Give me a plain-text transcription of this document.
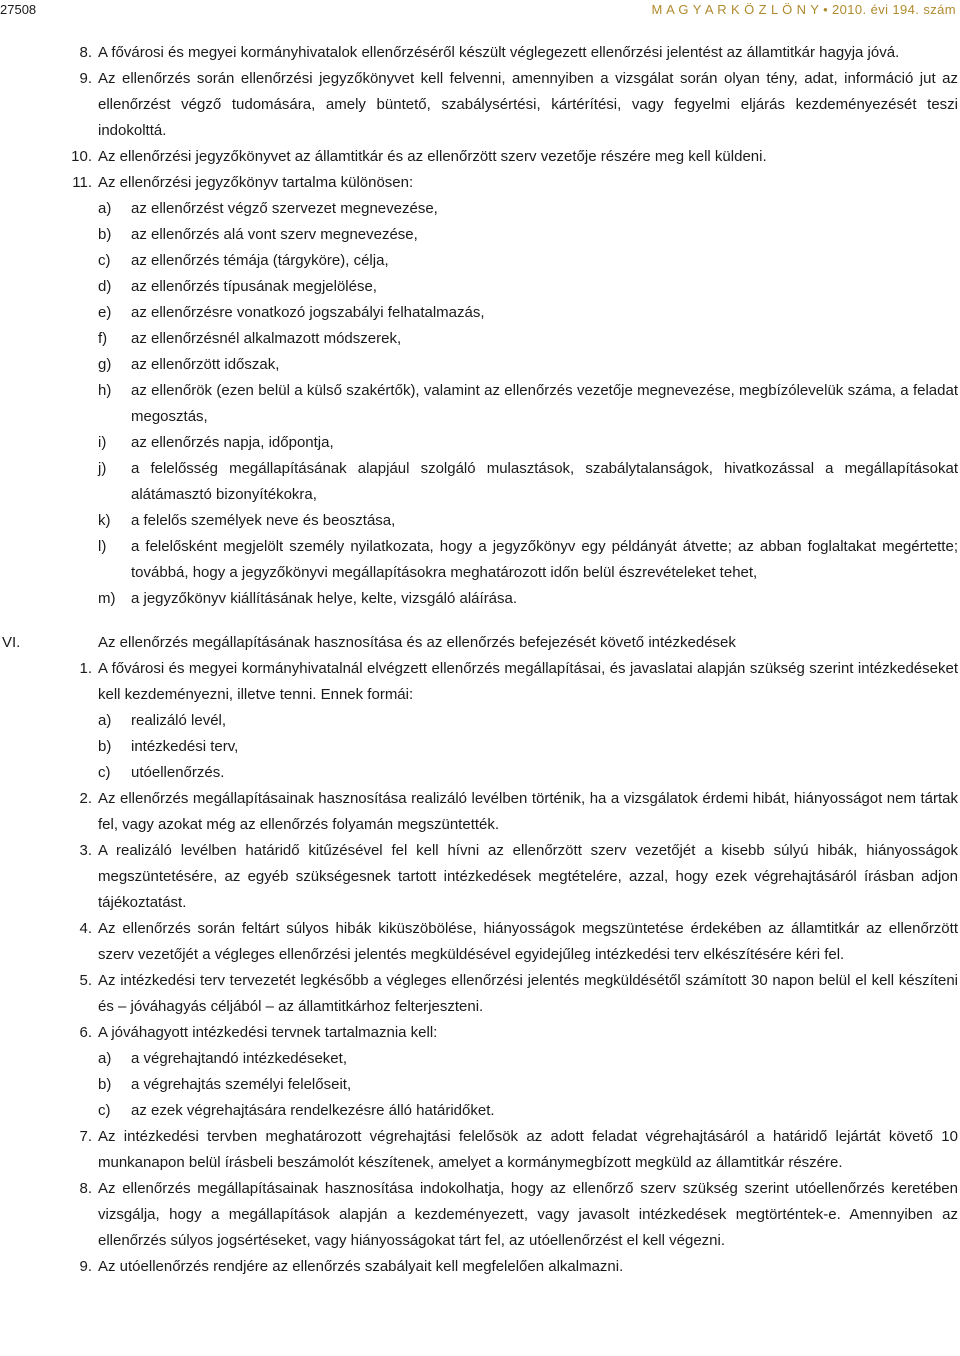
27508	M A G Y A R K Ö Z L Ö N Y • 2010. évi 194. szám
8. A fővárosi és megyei kormányhivatalok ellenőrzéséről készült véglegezett ellenőrzési jelentést az államtitkár hagyja jóvá.
9. Az ellenőrzés során ellenőrzési jegyzőkönyvet kell felvenni, amennyiben a vizsgálat során olyan tény, adat, információ jut az ellenőrzést végző tudomására, amely büntető, szabálysértési, kártérítési, vagy fegyelmi eljárás kezdeményezését teszi indokolttá.
10. Az ellenőrzési jegyzőkönyvet az államtitkár és az ellenőrzött szerv vezetője részére meg kell küldeni.
11. Az ellenőrzési jegyzőkönyv tartalma különösen:
a) az ellenőrzést végző szervezet megnevezése,
b) az ellenőrzés alá vont szerv megnevezése,
c) az ellenőrzés témája (tárgyköre), célja,
d) az ellenőrzés típusának megjelölése,
e) az ellenőrzésre vonatkozó jogszabályi felhatalmazás,
f) az ellenőrzésnél alkalmazott módszerek,
g) az ellenőrzött időszak,
h) az ellenőrök (ezen belül a külső szakértők), valamint az ellenőrzés vezetője megnevezése, megbízólevelük száma, a feladat megosztás,
i) az ellenőrzés napja, időpontja,
j) a felelősség megállapításának alapjául szolgáló mulasztások, szabálytalanságok, hivatkozással a megállapításokat alátámasztó bizonyítékokra,
k) a felelős személyek neve és beosztása,
l) a felelősként megjelölt személy nyilatkozata, hogy a jegyzőkönyv egy példányát átvette; az abban foglaltakat megértette; továbbá, hogy a jegyzőkönyvi megállapításokra meghatározott időn belül észrevételeket tehet,
m) a jegyzőkönyv kiállításának helye, kelte, vizsgáló aláírása.
VI.	Az ellenőrzés megállapításának hasznosítása és az ellenőrzés befejezését követő intézkedések
1. A fővárosi és megyei kormányhivatalnál elvégzett ellenőrzés megállapításai, és javaslatai alapján szükség szerint intézkedéseket kell kezdeményezni, illetve tenni. Ennek formái:
a) realizáló levél,
b) intézkedési terv,
c) utóellenőrzés.
2. Az ellenőrzés megállapításainak hasznosítása realizáló levélben történik, ha a vizsgálatok érdemi hibát, hiányosságot nem tártak fel, vagy azokat még az ellenőrzés folyamán megszüntették.
3. A realizáló levélben határidő kitűzésével fel kell hívni az ellenőrzött szerv vezetőjét a kisebb súlyú hibák, hiányosságok megszüntetésére, az egyéb szükségesnek tartott intézkedések megtételére, azzal, hogy ezek végrehajtásáról írásban adjon tájékoztatást.
4. Az ellenőrzés során feltárt súlyos hibák kiküszöbölése, hiányosságok megszüntetése érdekében az államtitkár az ellenőrzött szerv vezetőjét a végleges ellenőrzési jelentés megküldésével egyidejűleg intézkedési terv elkészítésére kéri fel.
5. Az intézkedési terv tervezetét legkésőbb a végleges ellenőrzési jelentés megküldésétől számított 30 napon belül el kell készíteni és – jóváhagyás céljából – az államtitkárhoz felterjeszteni.
6. A jóváhagyott intézkedési tervnek tartalmaznia kell:
a) a végrehajtandó intézkedéseket,
b) a végrehajtás személyi felelőseit,
c) az ezek végrehajtására rendelkezésre álló határidőket.
7. Az intézkedési tervben meghatározott végrehajtási felelősök az adott feladat végrehajtásáról a határidő lejártát követő 10 munkanapon belül írásbeli beszámolót készítenek, amelyet a kormánymegbízott megküld az államtitkár részére.
8. Az ellenőrzés megállapításainak hasznosítása indokolhatja, hogy az ellenőrző szerv szükség szerint utóellenőrzés keretében vizsgálja, hogy a megállapítások alapján a kezdeményezett, vagy javasolt intézkedések megtörténtek-e. Amennyiben az ellenőrzés súlyos jogsértéseket, vagy hiányosságokat tárt fel, az utóellenőrzést el kell végezni.
9. Az utóellenőrzés rendjére az ellenőrzés szabályait kell megfelelően alkalmazni.
